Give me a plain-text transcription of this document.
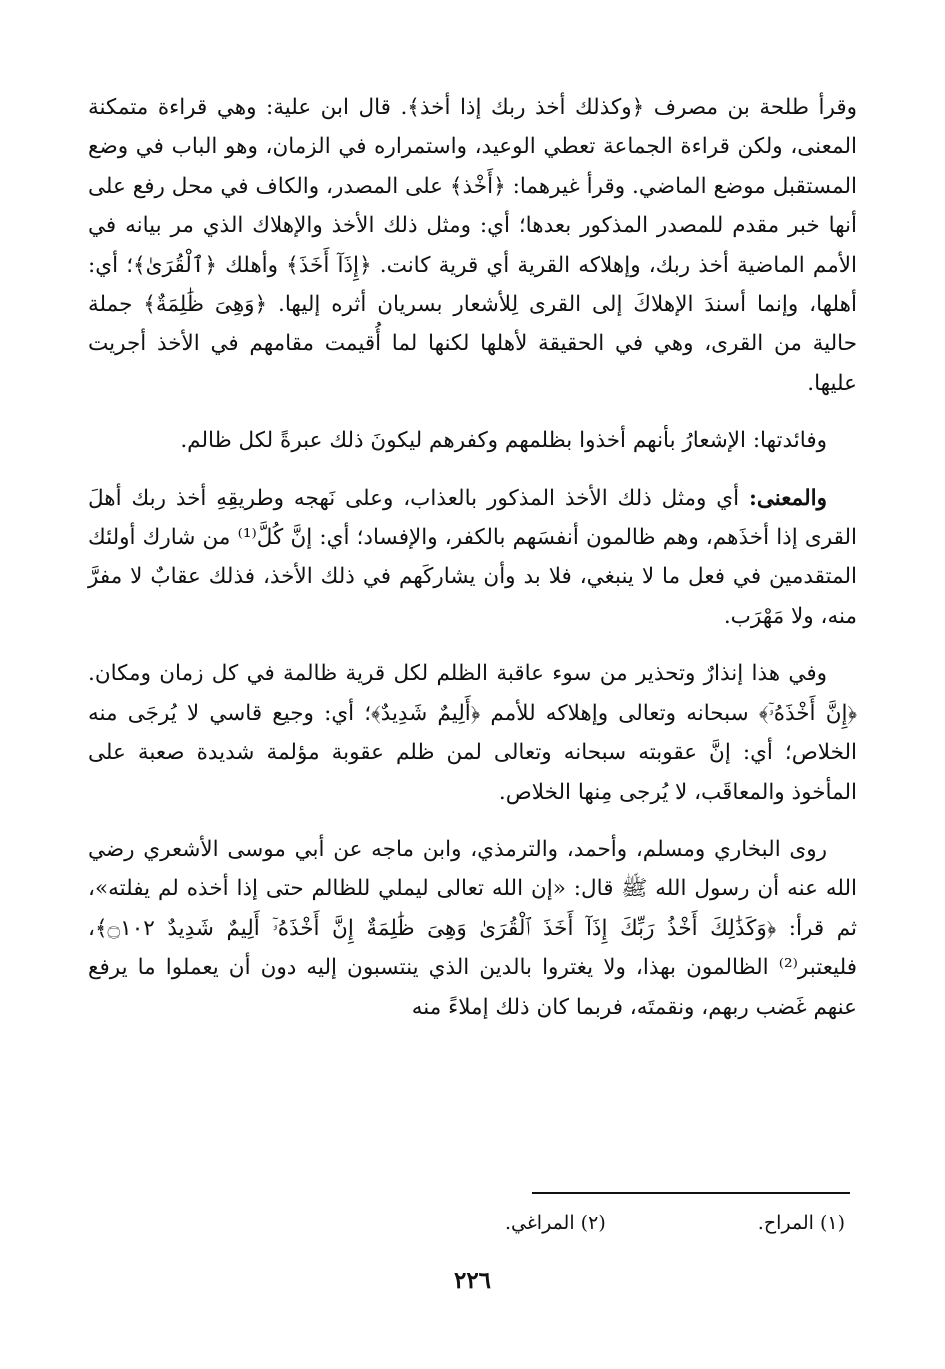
وقرأ طلحة بن مصرف ﴿وكذلك أخذ ربك إذا أخذ﴾. قال ابن علية: وهي قراءة متمكنة المعنى، ولكن قراءة الجماعة تعطي الوعيد، واستمراره في الزمان، وهو الباب في وضع المستقبل موضع الماضي. وقرأ غيرهما: ﴿أَخْذ﴾ على المصدر، والكاف في محل رفع على أنها خبر مقدم للمصدر المذكور بعدها؛ أي: ومثل ذلك الأخذ والإهلاك الذي مر بيانه في الأمم الماضية أخذ ربك، وإهلاكه القرية أي قرية كانت. ﴿إِذَآ أَخَذَ﴾ وأهلك ﴿ٱلْقُرَىٰ﴾؛ أي: أهلها، وإنما أسندَ الإهلاكَ إلى القرى لِلأشعار بسريان أثره إليها. ﴿وَهِىَ ظَٰلِمَةٌ﴾ جملة حالية من القرى، وهي في الحقيقة لأهلها لكنها لما أُقيمت مقامهم في الأخذ أجريت عليها.

وفائدتها: الإشعارُ بأنهم أخذوا بظلمهم وكفرهم ليكونَ ذلك عبرةً لكل ظالم.

والمعنى: أي ومثل ذلك الأخذ المذكور بالعذاب، وعلى نَهجه وطريقِهِ أخذ ربك أهلَ القرى إذا أخذَهم، وهم ظالمون أنفسَهم بالكفر، والإفساد؛ أي: إنَّ كُلَّ⁽¹⁾ من شارك أولئك المتقدمين في فعل ما لا ينبغي، فلا بد وأن يشاركَهم في ذلك الأخذ، فذلك عقابٌ لا مفرَّ منه، ولا مَهْرَب.

وفي هذا إنذارٌ وتحذير من سوء عاقبة الظلم لكل قرية ظالمة في كل زمان ومكان. ﴿إِنَّ أَخْذَهُۥٓ﴾ سبحانه وتعالى وإهلاكه للأمم ﴿أَلِيمٌ شَدِيدٌ﴾؛ أي: وجيع قاسي لا يُرجَى منه الخلاص؛ أي: إنَّ عقوبته سبحانه وتعالى لمن ظلم عقوبة مؤلمة شديدة صعبة على المأخوذ والمعاقَب، لا يُرجى مِنها الخلاص.

روى البخاري ومسلم، وأحمد، والترمذي، وابن ماجه عن أبي موسى الأشعري رضي الله عنه أن رسول الله ﷺ قال: «إن الله تعالى ليملي للظالم حتى إذا أخذه لم يفلته»، ثم قرأ: ﴿وَكَذَٰلِكَ أَخْذُ رَبِّكَ إِذَآ أَخَذَ ٱلْقُرَىٰ وَهِىَ ظَٰلِمَةٌ إِنَّ أَخْذَهُۥٓ أَلِيمٌ شَدِيدٌ ۝١٠٢﴾، فليعتبر⁽²⁾ الظالمون بهذا، ولا يغتروا بالدين الذي ينتسبون إليه دون أن يعملوا ما يرفع عنهم غَضب ربهم، ونقمتَه، فربما كان ذلك إملاءً منه

(١) المراح. (٢) المراغي.
٢٢٦
